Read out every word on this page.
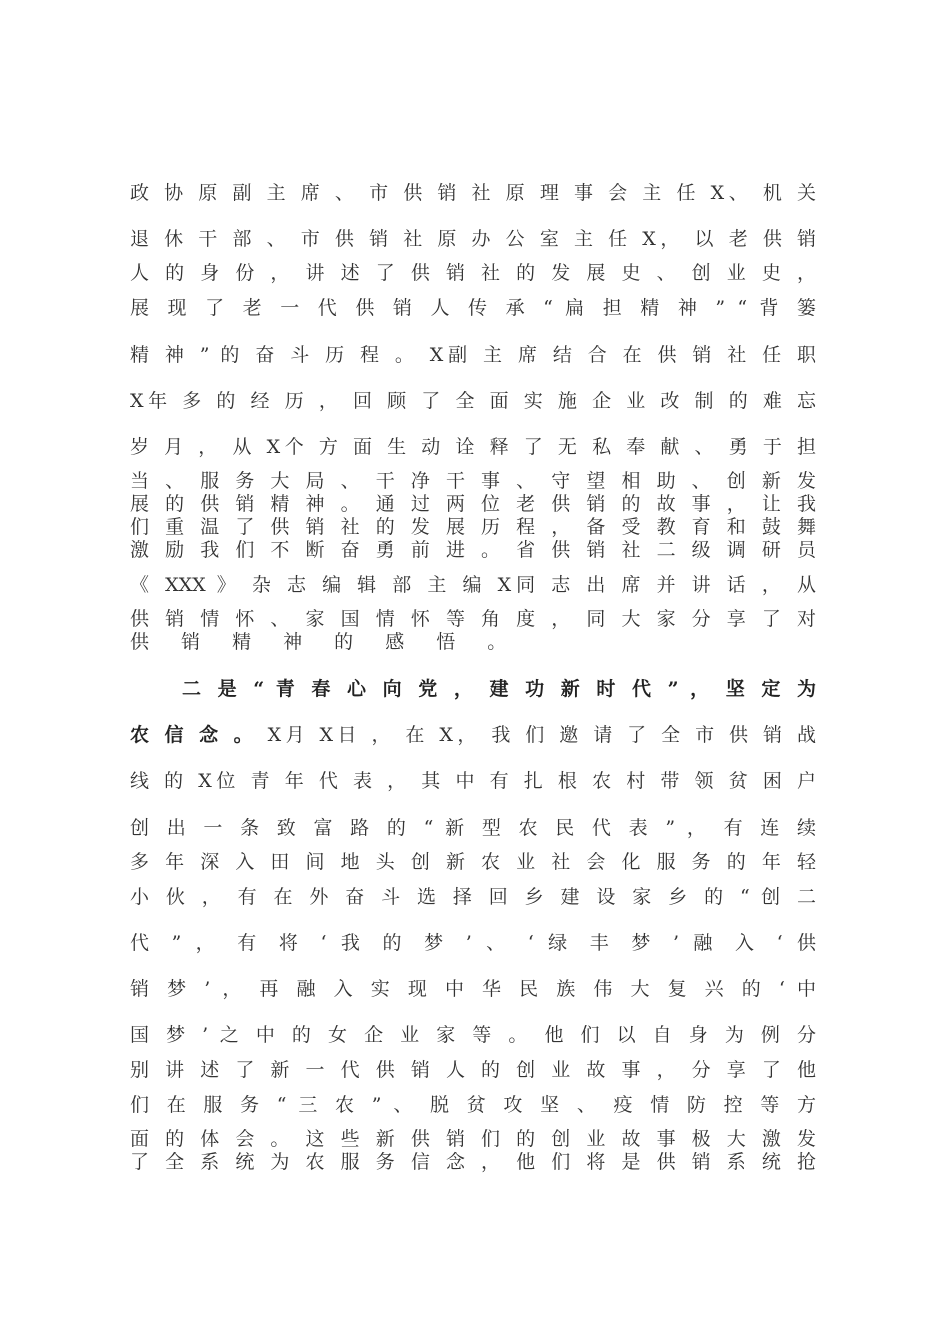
政 协 原 副 主 席 、 市 供 销 社 原 理 事 会 主 任 X、 机 关
退 休 干 部 、 市 供 销 社 原 办 公 室 主 任 X， 以 老 供 销
人 的 身 份 ， 讲 述 了 供 销 社 的 发 展 史 、 创 业 史 ，
展 现 了 老 一 代 供 销 人 传 承 “ 扁 担 精 神 ” “ 背 篓
精 神 ” 的 奋 斗 历 程 。 X副 主 席 结 合 在 供 销 社 任 职
X年 多 的 经 历 ， 回 顾 了 全 面 实 施 企 业 改 制 的 难 忘
岁 月 ， 从 X个 方 面 生 动 诠 释 了 无 私 奉 献 、 勇 于 担
当 、 服 务 大 局 、 干 净 干 事 、 守 望 相 助 、 创 新 发
展 的 供 销 精 神 。 通 过 两 位 老 供 销 的 故 事 ， 让 我
们 重 温 了 供 销 社 的 发 展 历 程 ， 备 受 教 育 和 鼓 舞
激 励 我 们 不 断 奋 勇 前 进 。 省 供 销 社 二 级 调 研 员
《 XXX 》 杂 志 编 辑 部 主 编 X同 志 出 席 并 讲 话 ， 从
供 销 情 怀 、 家 国 情 怀 等 角 度 ， 同 大 家 分 享 了 对
供 销 精 神 的 感 悟 。
二 是 “ 青 春 心 向 党 ， 建 功 新 时 代 ” ， 坚 定 为
农 信 念 。 X月 X日 ， 在 X， 我 们 邀 请 了 全 市 供 销 战
线 的 X位 青 年 代 表 ， 其 中 有 扎 根 农 村 带 领 贫 困 户
创 出 一 条 致 富 路 的 “ 新 型 农 民 代 表 ” ， 有 连 续
多 年 深 入 田 间 地 头 创 新 农 业 社 会 化 服 务 的 年 轻
小 伙 ， 有 在 外 奋 斗 选 择 回 乡 建 设 家 乡 的 “ 创 二
代 ” ， 有 将 ‘ 我 的 梦 ’ 、 ‘ 绿 丰 梦 ’ 融 入 ‘ 供
销 梦 ’ ， 再 融 入 实 现 中 华 民 族 伟 大 复 兴 的 ‘ 中
国 梦 ’ 之 中 的 女 企 业 家 等 。 他 们 以 自 身 为 例 分
别 讲 述 了 新 一 代 供 销 人 的 创 业 故 事 ， 分 享 了 他
们 在 服 务 “ 三 农 ” 、 脱 贫 攻 坚 、 疫 情 防 控 等 方
面 的 体 会 。 这 些 新 供 销 们 的 创 业 故 事 极 大 激 发
了 全 系 统 为 农 服 务 信 念 ， 他 们 将 是 供 销 系 统 抢
